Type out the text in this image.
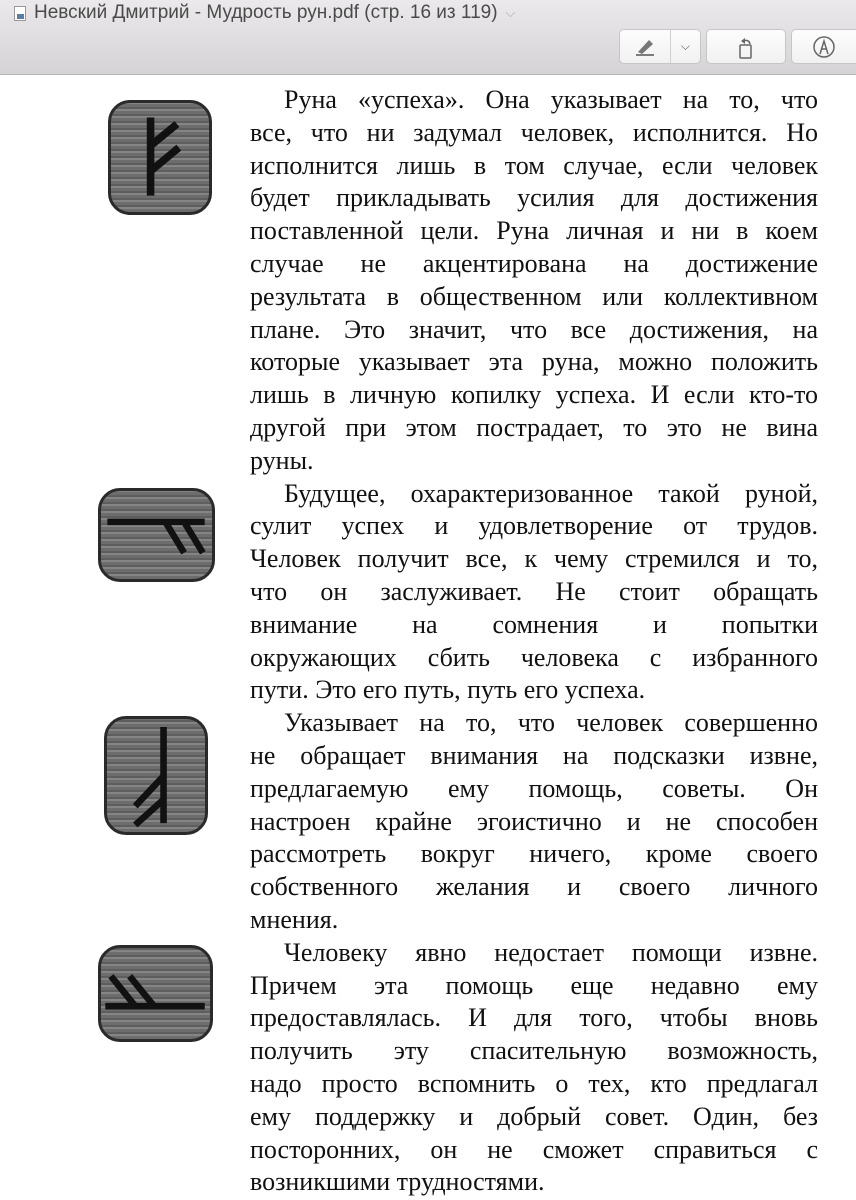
Невский Дмитрий - Мудрость рун.pdf (стр. 16 из 119) ⌵
⌵
Руна «успеха». Она указывает на то, что
все, что ни задумал человек, исполнится. Но
исполнится лишь в том случае, если человек
будет прикладывать усилия для достижения
поставленной цели. Руна личная и ни в коем
случае не акцентирована на достижение
результата в общественном или коллективном
плане. Это значит, что все достижения, на
которые указывает эта руна, можно положить
лишь в личную копилку успеха. И если кто-то
другой при этом пострадает, то это не вина
руны.
Будущее, охарактеризованное такой руной,
сулит успех и удовлетворение от трудов.
Человек получит все, к чему стремился и то,
что он заслуживает. Не стоит обращать
внимание на сомнения и попытки
окружающих сбить человека с избранного
пути. Это его путь, путь его успеха.
Указывает на то, что человек совершенно
не обращает внимания на подсказки извне,
предлагаемую ему помощь, советы. Он
настроен крайне эгоистично и не способен
рассмотреть вокруг ничего, кроме своего
собственного желания и своего личного
мнения.
Человеку явно недостает помощи извне.
Причем эта помощь еще недавно ему
предоставлялась. И для того, чтобы вновь
получить эту спасительную возможность,
надо просто вспомнить о тех, кто предлагал
ему поддержку и добрый совет. Один, без
посторонних, он не сможет справиться с
возникшими трудностями.
